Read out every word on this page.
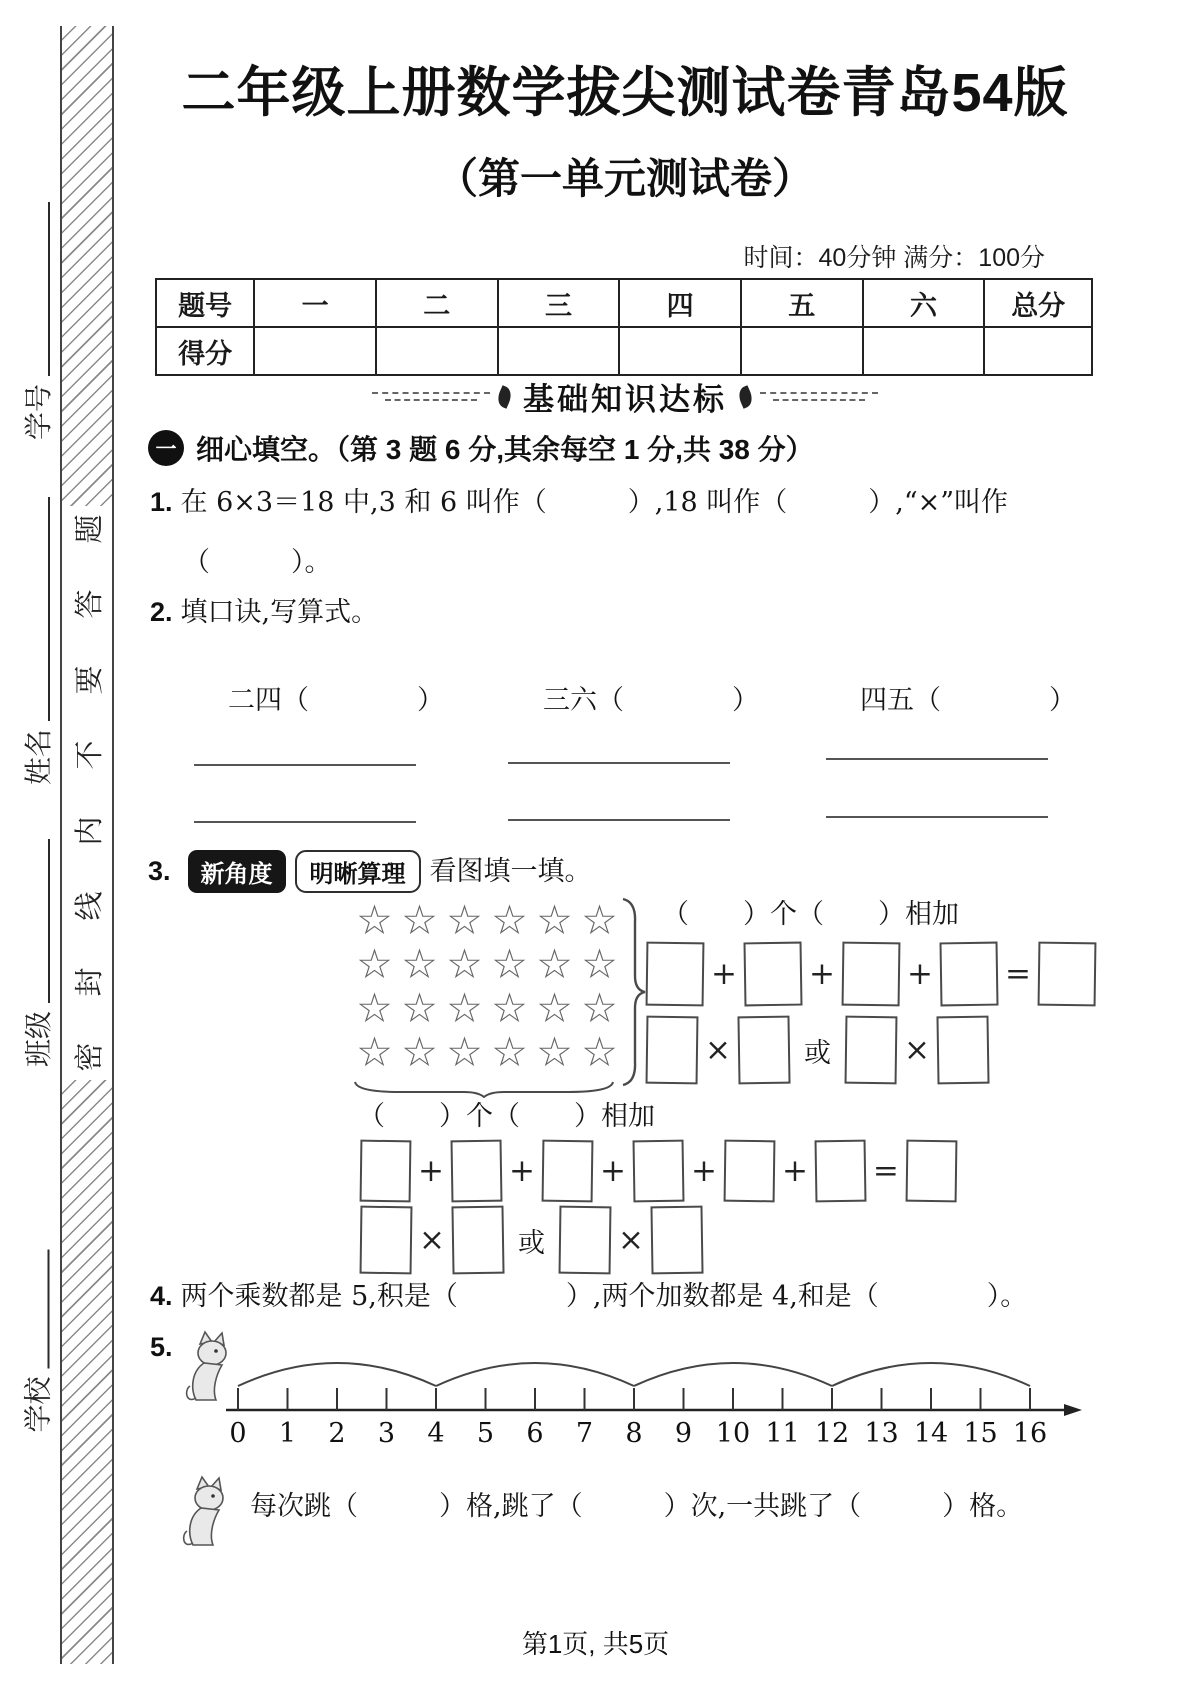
学号
姓名
班级
学校
题
答
要
不
内
线
封
密
二年级上册数学拔尖测试卷青岛54版
（第一单元测试卷）
时间：40分钟 满分：100分
题号	一	二	三	四	五	六	总分
得分							
基础知识达标
一 细心填空。（第 3 题 6 分,其余每空 1 分,共 38 分）
1. 在 6×3＝18 中,3 和 6 叫作（　　　）,18 叫作（　　　）,“×”叫作
（　　　）。
2. 填口诀,写算式。
二四（　　　　）	三六（　　　　）	四五（　　　　）
3.	新角度	明晰算理 看图填一填。
☆ ☆ ☆ ☆ ☆ ☆
☆ ☆ ☆ ☆ ☆ ☆
☆ ☆ ☆ ☆ ☆ ☆
☆ ☆ ☆ ☆ ☆ ☆
（　　）个（　　）相加
+ + + =
×	或 ×
（　　）个（　　）相加
+ + + + + =
×	或 ×
4. 两个乘数都是 5,积是（　　　　）,两个加数都是 4,和是（　　　　）。
5.
0 1 2 3 4 5 6 7 8 9 10 11 12 13 14 15 16
每次跳（　　　）格,跳了（　　　）次,一共跳了（　　　）格。
第1页, 共5页
